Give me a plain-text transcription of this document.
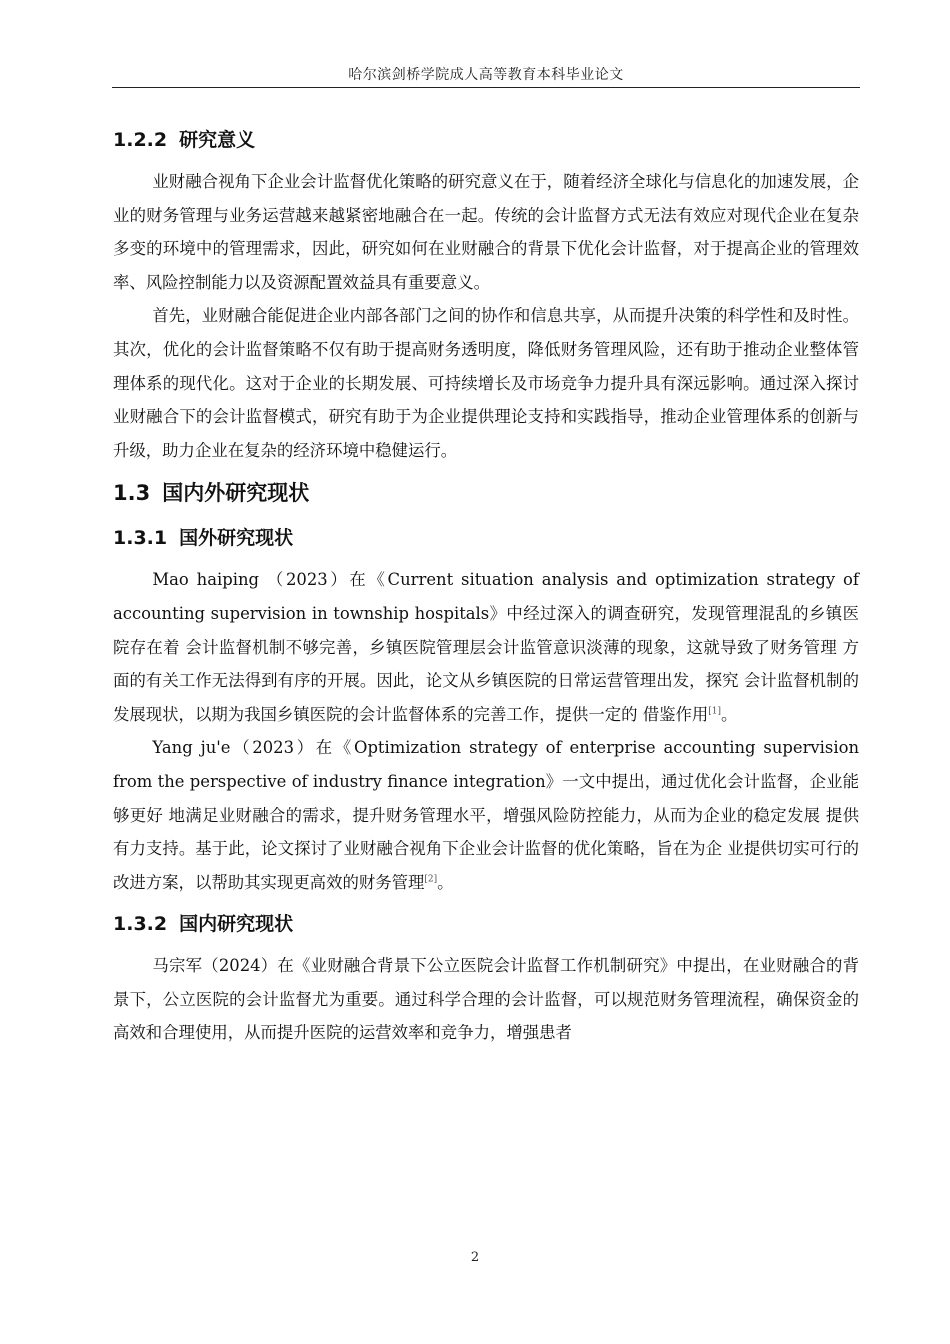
哈尔滨剑桥学院成人高等教育本科毕业论文
1.2.2 研究意义

业财融合视角下企业会计监督优化策略的研究意义在于，随着经济全球化与信息化的加速发展，企业的财务管理与业务运营越来越紧密地融合在一起。传统的会计监督方式无法有效应对现代企业在复杂多变的环境中的管理需求，因此，研究如何在业财融合的背景下优化会计监督，对于提高企业的管理效率、风险控制能力以及资源配置效益具有重要意义。

首先，业财融合能促进企业内部各部门之间的协作和信息共享，从而提升决策的科学性和及时性。其次，优化的会计监督策略不仅有助于提高财务透明度，降低财务管理风险，还有助于推动企业整体管理体系的现代化。这对于企业的长期发展、可持续增长及市场竞争力提升具有深远影响。通过深入探讨业财融合下的会计监督模式，研究有助于为企业提供理论支持和实践指导，推动企业管理体系的创新与升级，助力企业在复杂的经济环境中稳健运行。

1.3 国内外研究现状
1.3.1 国外研究现状

Mao haiping （2023）在《Current situation analysis and optimization strategy of accounting supervision in township hospitals》中经过深入的调查研究，发现管理混乱的乡镇医院存在着 会计监督机制不够完善，乡镇医院管理层会计监管意识淡薄的现象，这就导致了财务管理 方面的有关工作无法得到有序的开展。因此，论文从乡镇医院的日常运营管理出发，探究 会计监督机制的发展现状，以期为我国乡镇医院的会计监督体系的完善工作，提供一定的 借鉴作用[1]。

Yang ju'e（2023）在《Optimization strategy of enterprise accounting supervision from the perspective of industry finance integration》一文中提出，通过优化会计监督，企业能够更好 地满足业财融合的需求，提升财务管理水平，增强风险防控能力，从而为企业的稳定发展 提供有力支持。基于此，论文探讨了业财融合视角下企业会计监督的优化策略，旨在为企 业提供切实可行的改进方案，以帮助其实现更高效的财务管理[2]。

1.3.2 国内研究现状

马宗军（2024）在《业财融合背景下公立医院会计监督工作机制研究》中提出，在业财融合的背景下，公立医院的会计监督尤为重要。通过科学合理的会计监督，可以规范财务管理流程，确保资金的高效和合理使用，从而提升医院的运营效率和竞争力，增强患者

2
